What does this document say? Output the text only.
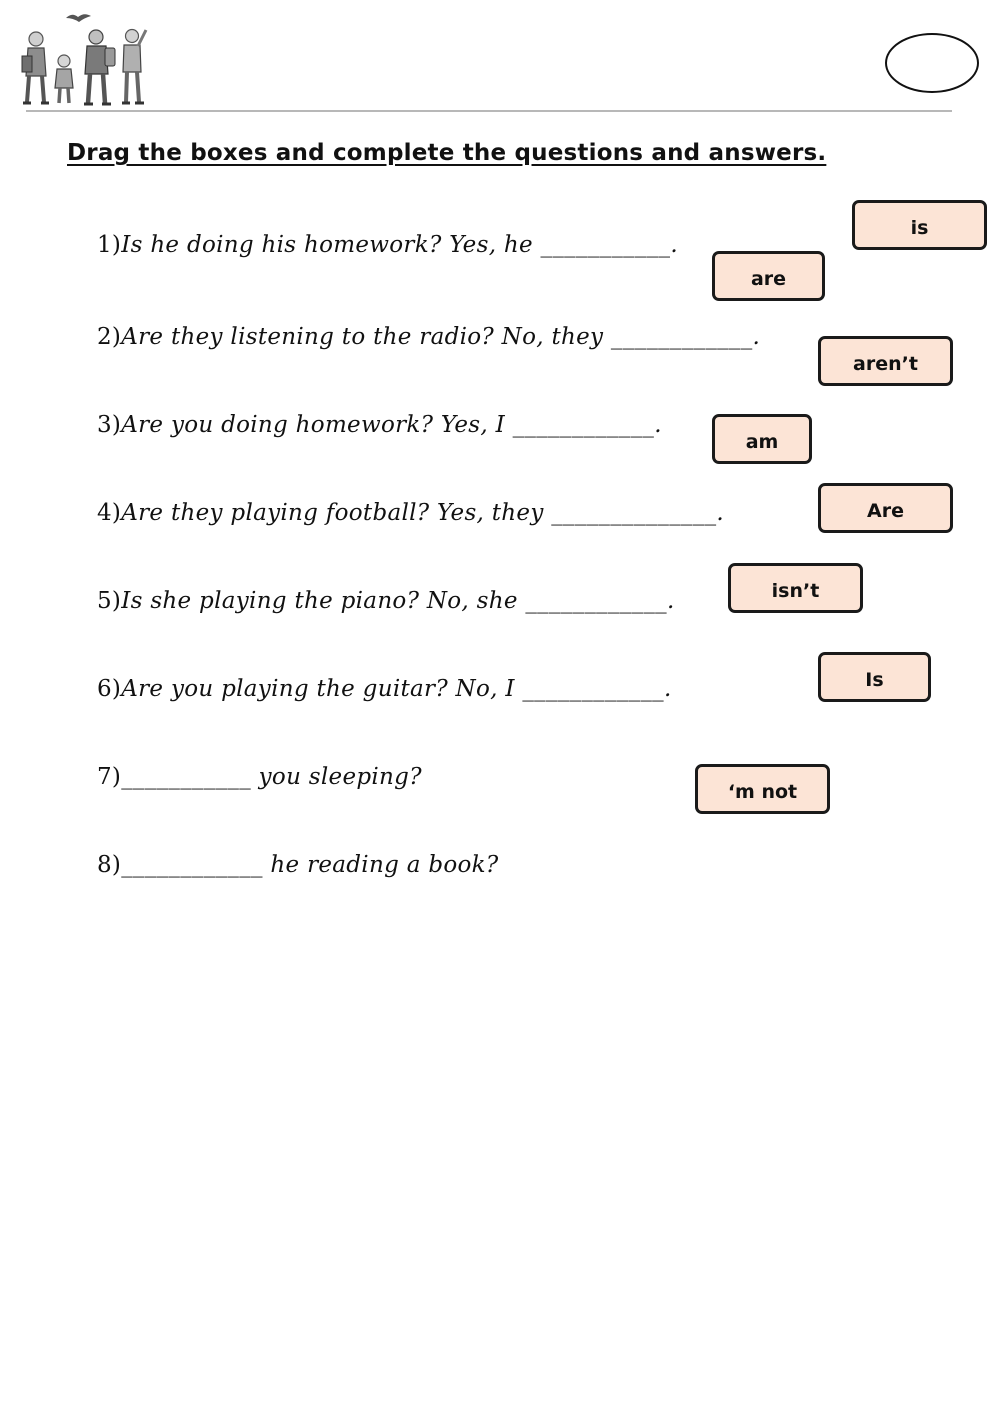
Drag the boxes and complete the questions and answers.
1)Is he doing his homework? Yes, he ___________.
2)Are they listening to the radio? No, they ____________.
3)Are you doing homework? Yes, I ____________.
4)Are they playing football? Yes, they ______________.
5)Is she playing the piano? No, she ____________.
6)Are you playing the guitar? No, I ____________.
7)___________ you sleeping?
8)____________ he reading a book?
is
are
aren’t
am
Are
isn’t
Is
‘m not
